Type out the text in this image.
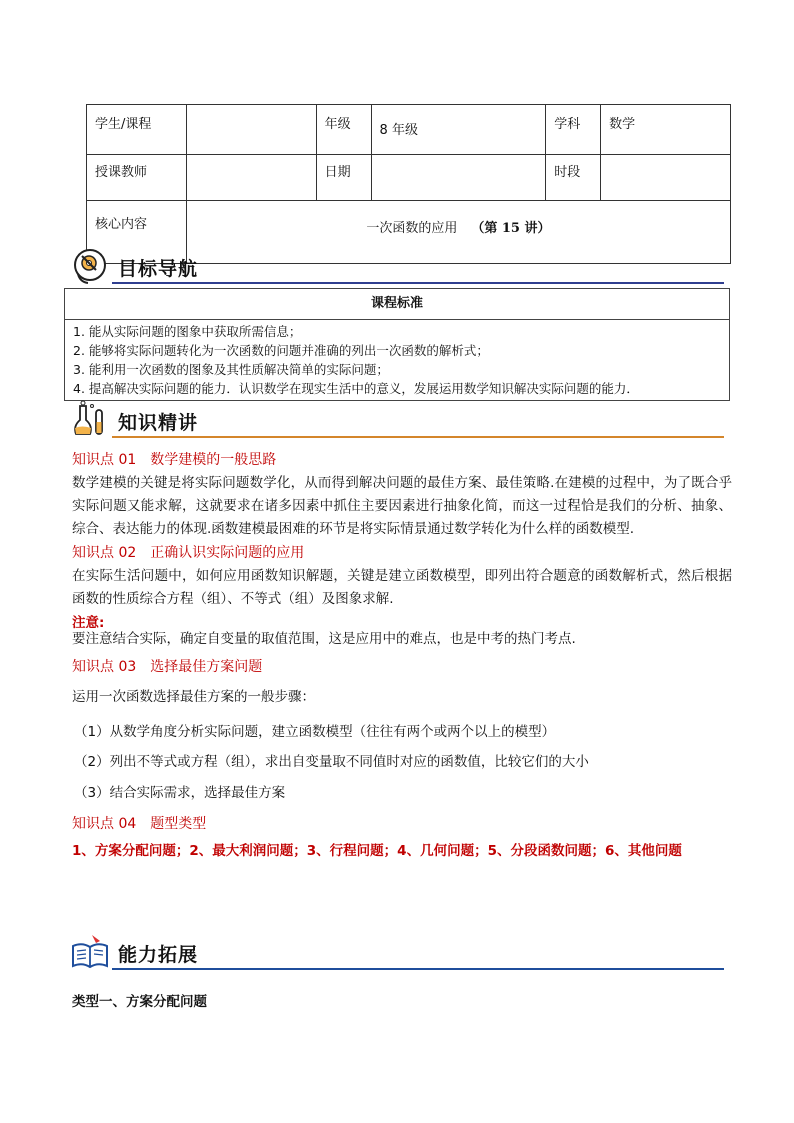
学生/课程		年级	8 年级	学科	数学
授课教师		日期		时段	
核心内容	一次函数的应用 （第 15 讲）				
目标导航
课程标准
1. 能从实际问题的图象中获取所需信息；
2. 能够将实际问题转化为一次函数的问题并准确的列出一次函数的解析式；
3. 能利用一次函数的图象及其性质解决简单的实际问题；
4. 提高解决实际问题的能力．认识数学在现实生活中的意义，发展运用数学知识解决实际问题的能力．
知识精讲
知识点 01 数学建模的一般思路
数学建模的关键是将实际问题数学化，从而得到解决问题的最佳方案、最佳策略.在建模的过程中，为了既合乎实际问题又能求解，这就要求在诸多因素中抓住主要因素进行抽象化简，而这一过程恰是我们的分析、抽象、综合、表达能力的体现.函数建模最困难的环节是将实际情景通过数学转化为什么样的函数模型.
知识点 02 正确认识实际问题的应用
在实际生活问题中，如何应用函数知识解题，关键是建立函数模型，即列出符合题意的函数解析式，然后根据函数的性质综合方程（组）、不等式（组）及图象求解.
注意:
要注意结合实际，确定自变量的取值范围，这是应用中的难点，也是中考的热门考点.
知识点 03 选择最佳方案问题
运用一次函数选择最佳方案的一般步骤：
（1）从数学角度分析实际问题，建立函数模型（往往有两个或两个以上的模型）
（2）列出不等式或方程（组），求出自变量取不同值时对应的函数值，比较它们的大小
（3）结合实际需求，选择最佳方案
知识点 04 题型类型
1、方案分配问题；2、最大利润问题；3、行程问题；4、几何问题；5、分段函数问题；6、其他问题
能力拓展
类型一、方案分配问题
